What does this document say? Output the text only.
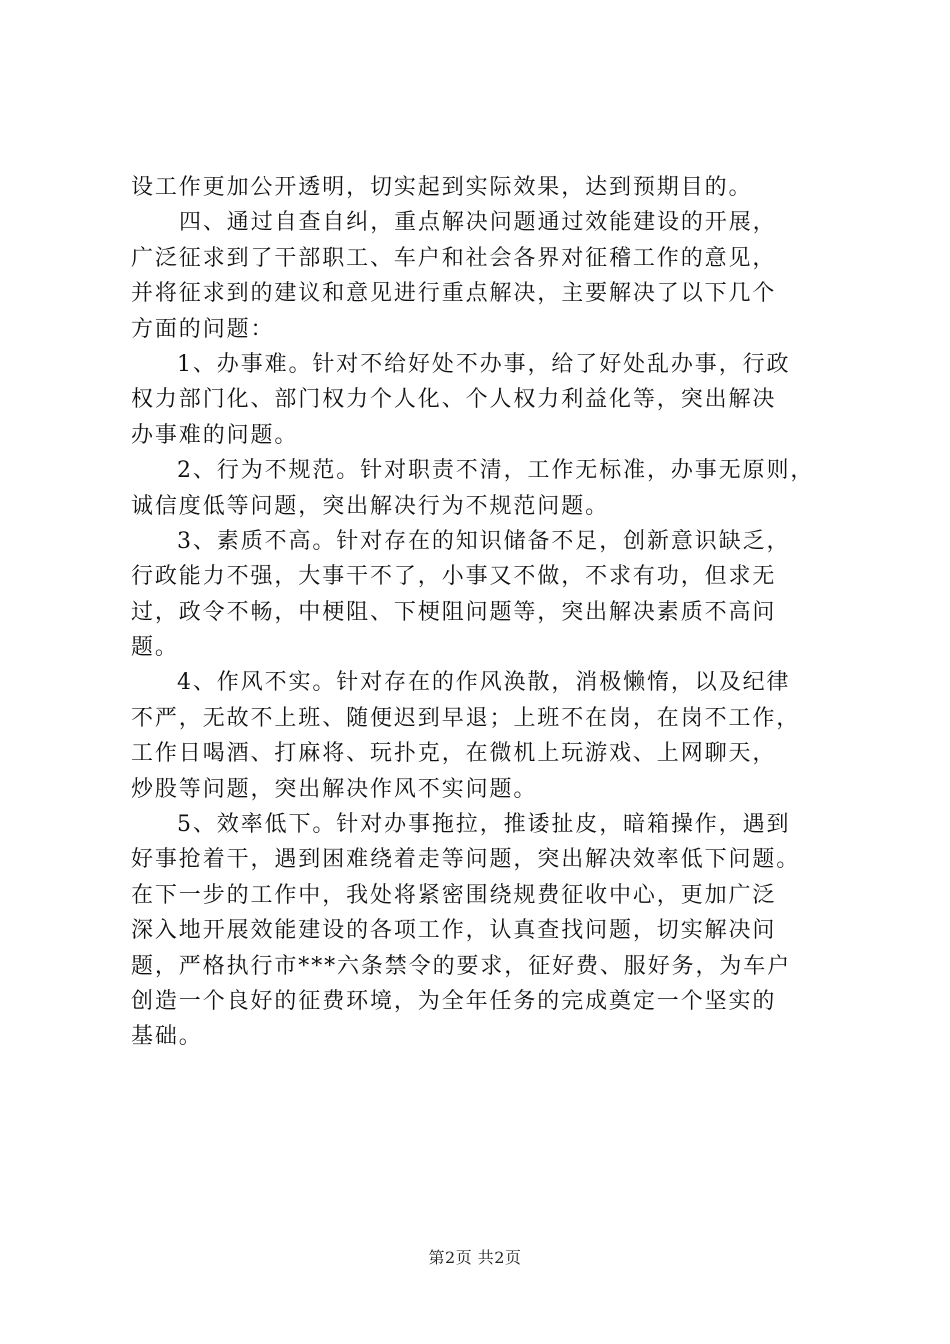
设工作更加公开透明，切实起到实际效果，达到预期目的。
四、通过自查自纠，重点解决问题通过效能建设的开展，
广泛征求到了干部职工、车户和社会各界对征稽工作的意见，
并将征求到的建议和意见进行重点解决，主要解决了以下几个
方面的问题：
1、办事难。针对不给好处不办事，给了好处乱办事，行政
权力部门化、部门权力个人化、个人权力利益化等，突出解决
办事难的问题。
2、行为不规范。针对职责不清，工作无标准，办事无原则，
诚信度低等问题，突出解决行为不规范问题。
3、素质不高。针对存在的知识储备不足，创新意识缺乏，
行政能力不强，大事干不了，小事又不做，不求有功，但求无
过，政令不畅，中梗阻、下梗阻问题等，突出解决素质不高问
题。
4、作风不实。针对存在的作风涣散，消极懒惰，以及纪律
不严，无故不上班、随便迟到早退；上班不在岗，在岗不工作，
工作日喝酒、打麻将、玩扑克，在微机上玩游戏、上网聊天，
炒股等问题，突出解决作风不实问题。
5、效率低下。针对办事拖拉，推诿扯皮，暗箱操作，遇到
好事抢着干，遇到困难绕着走等问题，突出解决效率低下问题。
在下一步的工作中，我处将紧密围绕规费征收中心，更加广泛
深入地开展效能建设的各项工作，认真查找问题，切实解决问
题，严格执行市***六条禁令的要求，征好费、服好务，为车户
创造一个良好的征费环境，为全年任务的完成奠定一个坚实的
基础。
第2页 共2页
